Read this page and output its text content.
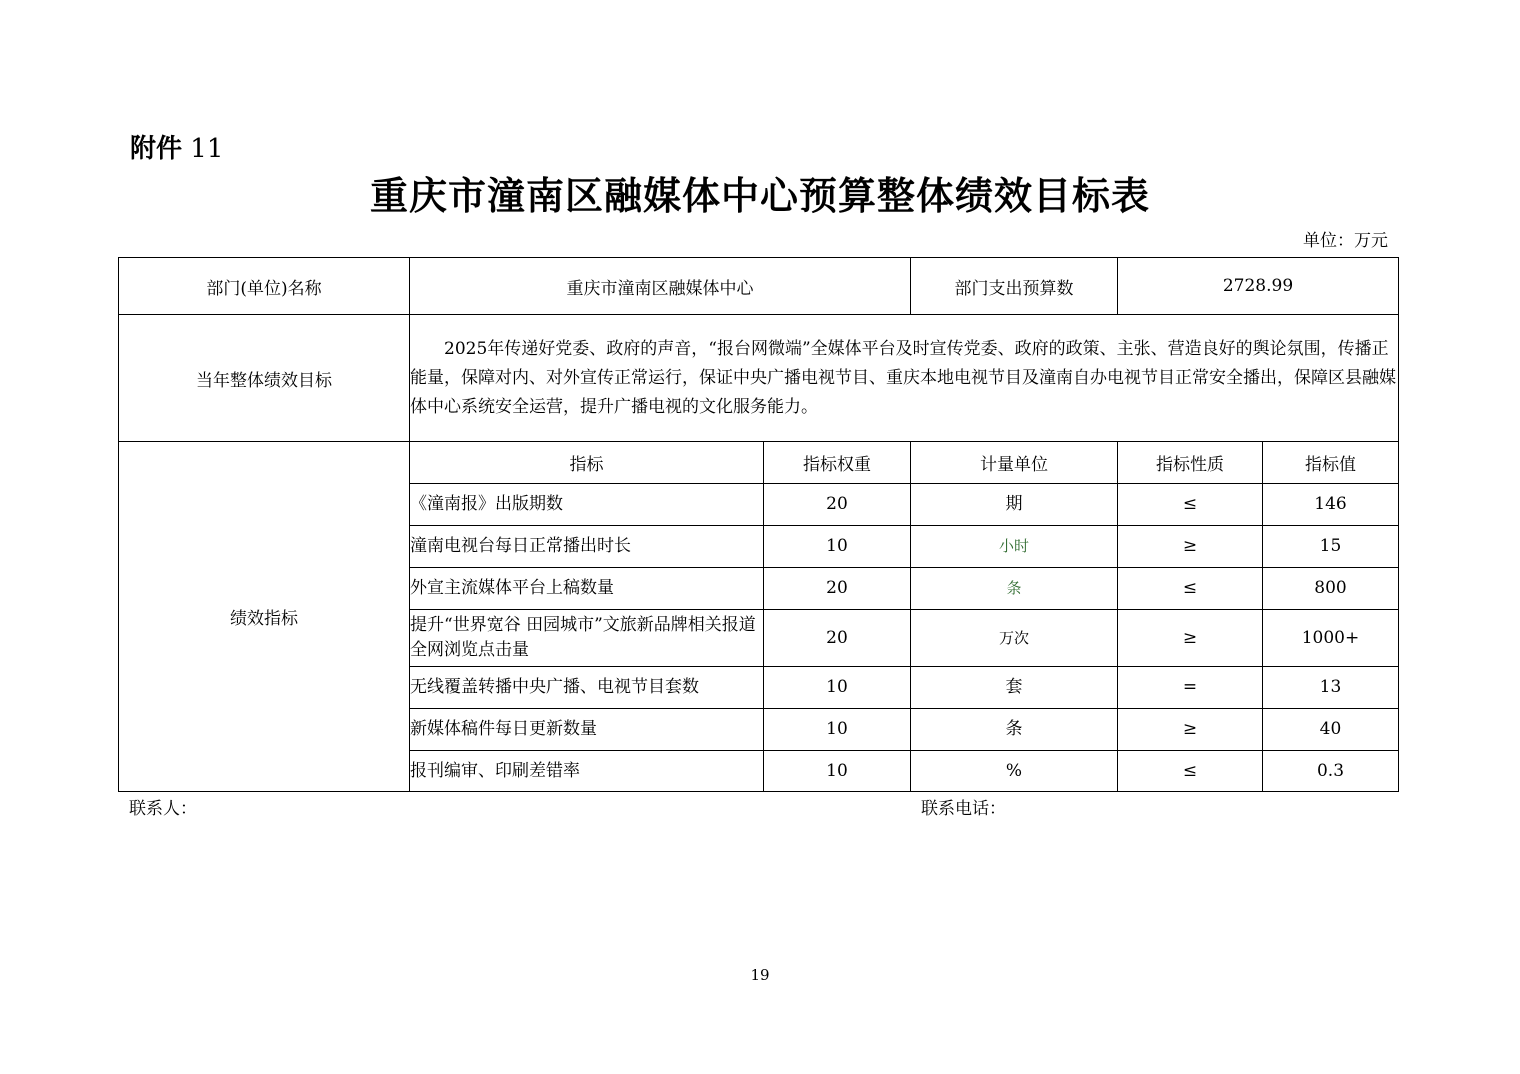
附件 11
重庆市潼南区融媒体中心预算整体绩效目标表
单位：万元
部门(单位)名称	重庆市潼南区融媒体中心		部门支出预算数	2728.99	
当年整体绩效目标	2025年传递好党委、政府的声音，“报台网微端”全媒体平台及时宣传党委、政府的政策、主张、营造良好的舆论氛围，传播正能量，保障对内、对外宣传正常运行，保证中央广播电视节目、重庆本地电视节目及潼南自办电视节目正常安全播出，保障区县融媒体中心系统安全运营，提升广播电视的文化服务能力。				

绩效指标	指标	指标权重	计量单位	指标性质	指标值
	《潼南报》出版期数	20	期	≤	146
	潼南电视台每日正常播出时长	10	小时	≥	15
	外宣主流媒体平台上稿数量	20	条	≤	800
	提升“世界宽谷 田园城市”文旅新品牌相关报道全网浏览点击量	20	万次	≥	1000+
	无线覆盖转播中央广播、电视节目套数	10	套	=	13
	新媒体稿件每日更新数量	10	条	≥	40
	报刊编审、印刷差错率	10	%	≤	0.3
联系人：	联系电话：
19
